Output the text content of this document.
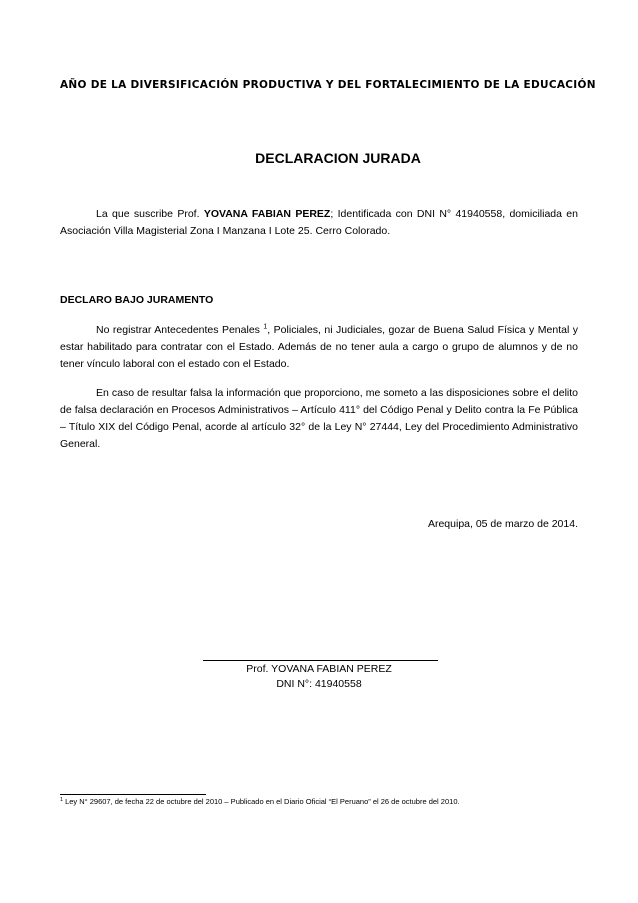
AÑO DE LA DIVERSIFICACIÓN PRODUCTIVA Y DEL FORTALECIMIENTO DE LA EDUCACIÓN
DECLARACION JURADA
La que suscribe Prof. YOVANA FABIAN PEREZ; Identificada con DNI N° 41940558, domiciliada en Asociación Villa Magisterial Zona I Manzana I Lote 25. Cerro Colorado.
DECLARO BAJO JURAMENTO
No registrar Antecedentes Penales $^1$, Policiales, ni Judiciales, gozar de Buena Salud Física y Mental y estar habilitado para contratar con el Estado. Además de no tener aula a cargo o grupo de alumnos y de no tener vínculo laboral con el estado con el Estado.
En caso de resultar falsa la información que proporciono, me someto a las disposiciones sobre el delito de falsa declaración en Procesos Administrativos – Artículo 411° del Código Penal y Delito contra la Fe Pública – Título XIX del Código Penal, acorde al artículo 32° de la Ley N° 27444, Ley del Procedimiento Administrativo General.
Arequipa, 05 de marzo de 2014.
Prof. YOVANA FABIAN PEREZ
DNI N°: 41940558
$^1$ Ley N° 29607, de fecha 22 de octubre del 2010 – Publicado en el Diario Oficial “El Peruano” el 26 de octubre del 2010.
